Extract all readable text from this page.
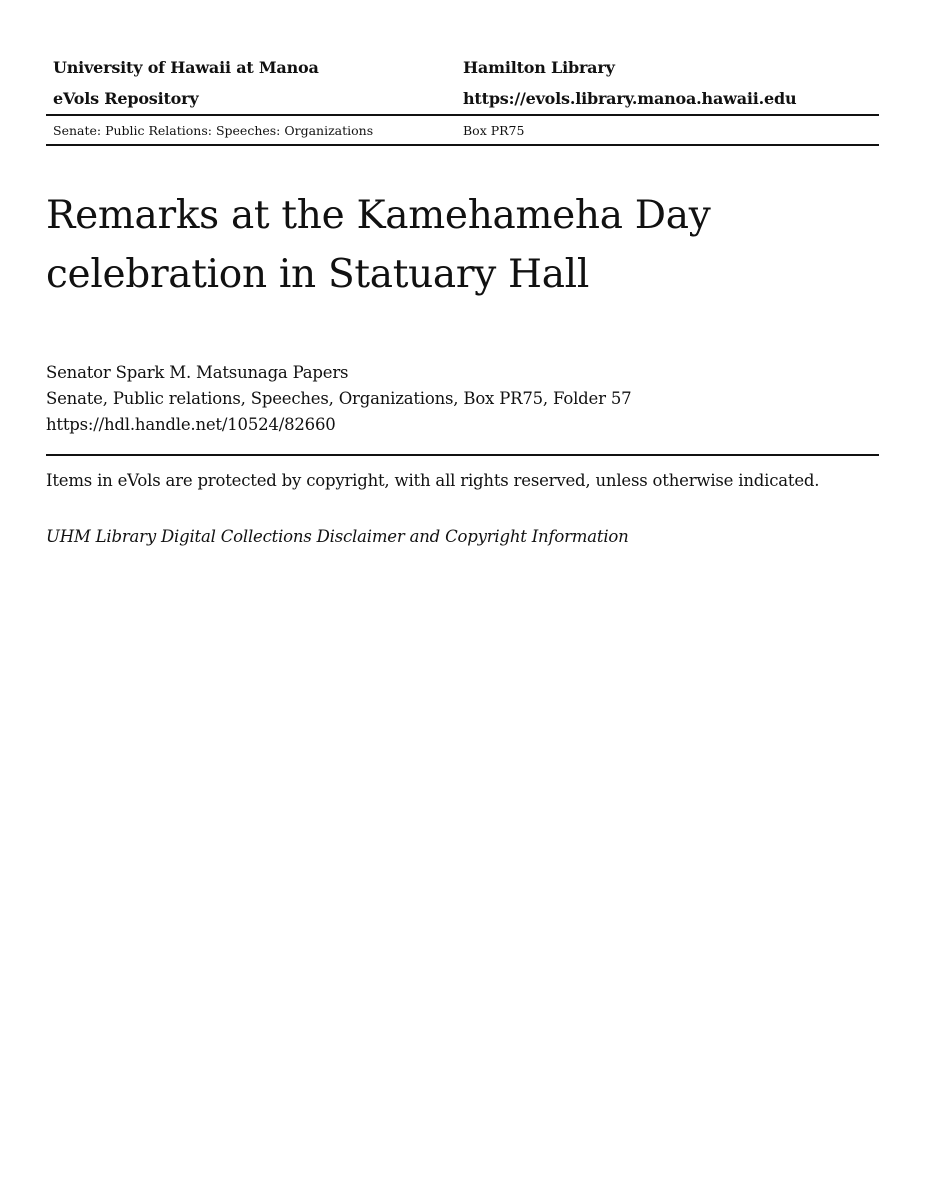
University of Hawaii at Manoa	Hamilton Library
eVols Repository	https://evols.library.manoa.hawaii.edu
Senate: Public Relations: Speeches: Organizations	Box PR75
Remarks at the Kamehameha Day celebration in Statuary Hall
Senator Spark M. Matsunaga Papers
Senate, Public relations, Speeches, Organizations, Box PR75, Folder 57
https://hdl.handle.net/10524/82660
Items in eVols are protected by copyright, with all rights reserved, unless otherwise indicated.
UHM Library Digital Collections Disclaimer and Copyright Information
